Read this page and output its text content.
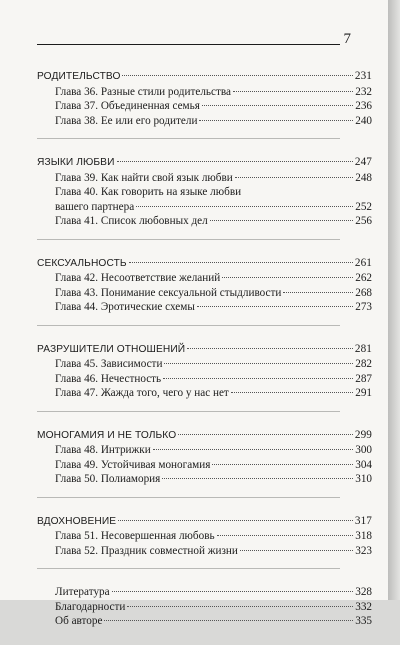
7
РОДИТЕЛЬСТВО	231
Глава 36. Разные стили родительства	232
Глава 37. Объединенная семья	236
Глава 38. Ее или его родители	240
ЯЗЫКИ ЛЮБВИ	247
Глава 39. Как найти свой язык любви	248
Глава 40. Как говорить на языке любви
вашего партнера	252
Глава 41. Список любовных дел	256
СЕКСУАЛЬНОСТЬ	261
Глава 42. Несоответствие желаний	262
Глава 43. Понимание сексуальной стыдливости	268
Глава 44. Эротические схемы	273
РАЗРУШИТЕЛИ ОТНОШЕНИЙ	281
Глава 45. Зависимости	282
Глава 46. Нечестность	287
Глава 47. Жажда того, чего у нас нет	291
МОНОГАМИЯ И НЕ ТОЛЬКО	299
Глава 48. Интрижки	300
Глава 49. Устойчивая моногамия	304
Глава 50. Полиамория	310
ВДОХНОВЕНИЕ	317
Глава 51. Несовершенная любовь	318
Глава 52. Праздник совместной жизни	323
Литература	328
Благодарности	332
Об авторе	335
